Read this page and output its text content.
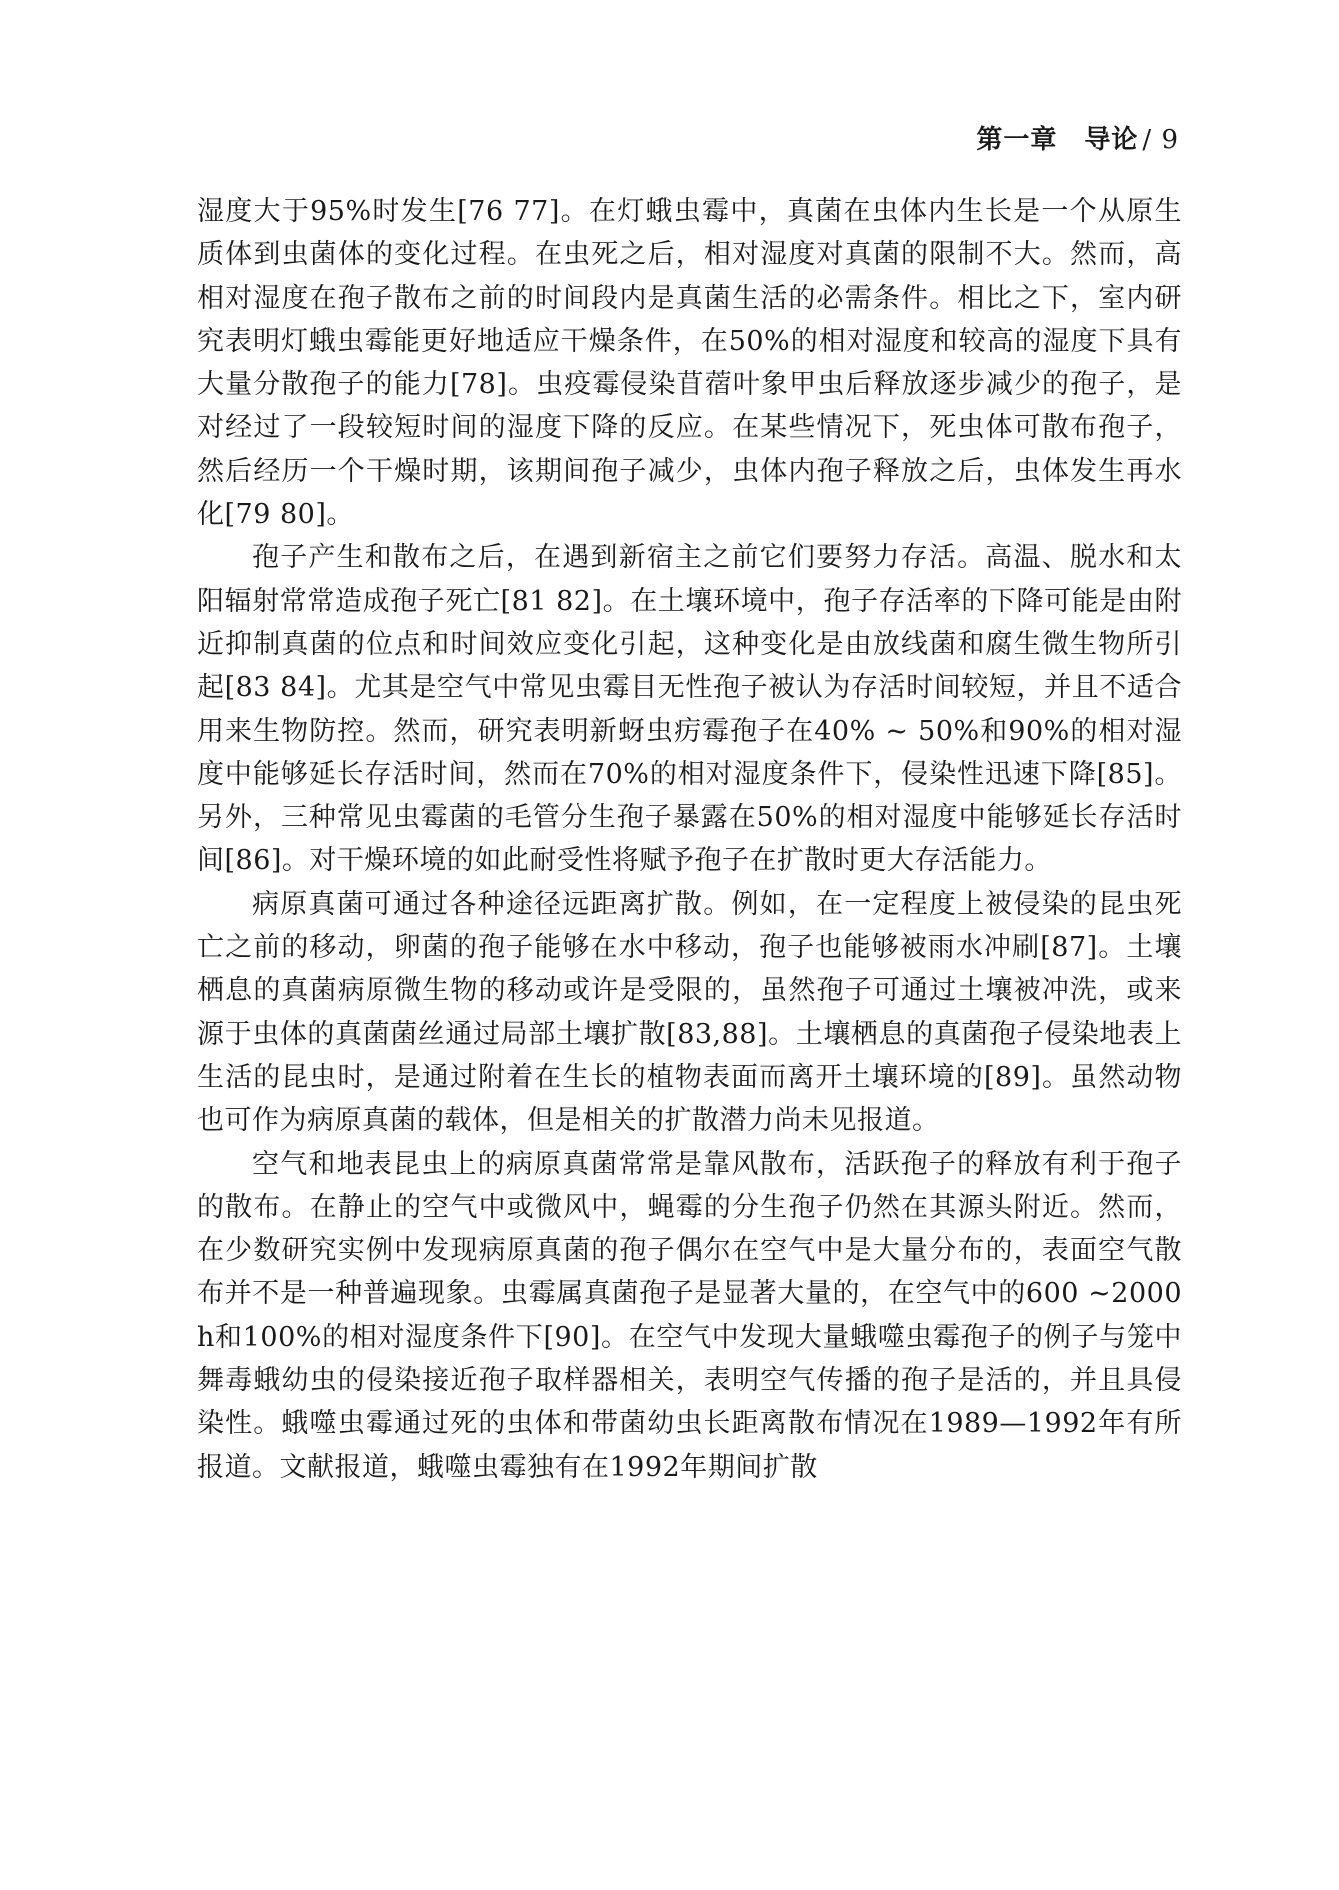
第一章　导论 / 9

湿度大于95%时发生[76 77]。在灯蛾虫霉中，真菌在虫体内生长是一个从原生质体到虫菌体的变化过程。在虫死之后，相对湿度对真菌的限制不大。然而，高相对湿度在孢子散布之前的时间段内是真菌生活的必需条件。相比之下，室内研究表明灯蛾虫霉能更好地适应干燥条件，在50%的相对湿度和较高的湿度下具有大量分散孢子的能力[78]。虫疫霉侵染苜蓿叶象甲虫后释放逐步减少的孢子，是对经过了一段较短时间的湿度下降的反应。在某些情况下，死虫体可散布孢子，然后经历一个干燥时期，该期间孢子减少，虫体内孢子释放之后，虫体发生再水化[79 80]。

孢子产生和散布之后，在遇到新宿主之前它们要努力存活。高温、脱水和太阳辐射常常造成孢子死亡[81 82]。在土壤环境中，孢子存活率的下降可能是由附近抑制真菌的位点和时间效应变化引起，这种变化是由放线菌和腐生微生物所引起[83 84]。尤其是空气中常见虫霉目无性孢子被认为存活时间较短，并且不适合用来生物防控。然而，研究表明新蚜虫疠霉孢子在40% ~ 50%和90%的相对湿度中能够延长存活时间，然而在70%的相对湿度条件下，侵染性迅速下降[85]。另外，三种常见虫霉菌的毛管分生孢子暴露在50%的相对湿度中能够延长存活时间[86]。对干燥环境的如此耐受性将赋予孢子在扩散时更大存活能力。

病原真菌可通过各种途径远距离扩散。例如，在一定程度上被侵染的昆虫死亡之前的移动，卵菌的孢子能够在水中移动，孢子也能够被雨水冲刷[87]。土壤栖息的真菌病原微生物的移动或许是受限的，虽然孢子可通过土壤被冲洗，或来源于虫体的真菌菌丝通过局部土壤扩散[83,88]。土壤栖息的真菌孢子侵染地表上生活的昆虫时，是通过附着在生长的植物表面而离开土壤环境的[89]。虽然动物也可作为病原真菌的载体，但是相关的扩散潜力尚未见报道。

空气和地表昆虫上的病原真菌常常是靠风散布，活跃孢子的释放有利于孢子的散布。在静止的空气中或微风中，蝇霉的分生孢子仍然在其源头附近。然而，在少数研究实例中发现病原真菌的孢子偶尔在空气中是大量分布的，表面空气散布并不是一种普遍现象。虫霉属真菌孢子是显著大量的，在空气中的600 ~2000 h和100%的相对湿度条件下[90]。在空气中发现大量蛾噬虫霉孢子的例子与笼中舞毒蛾幼虫的侵染接近孢子取样器相关，表明空气传播的孢子是活的，并且具侵染性。蛾噬虫霉通过死的虫体和带菌幼虫长距离散布情况在1989—1992年有所报道。文献报道，蛾噬虫霉独有在1992年期间扩散
